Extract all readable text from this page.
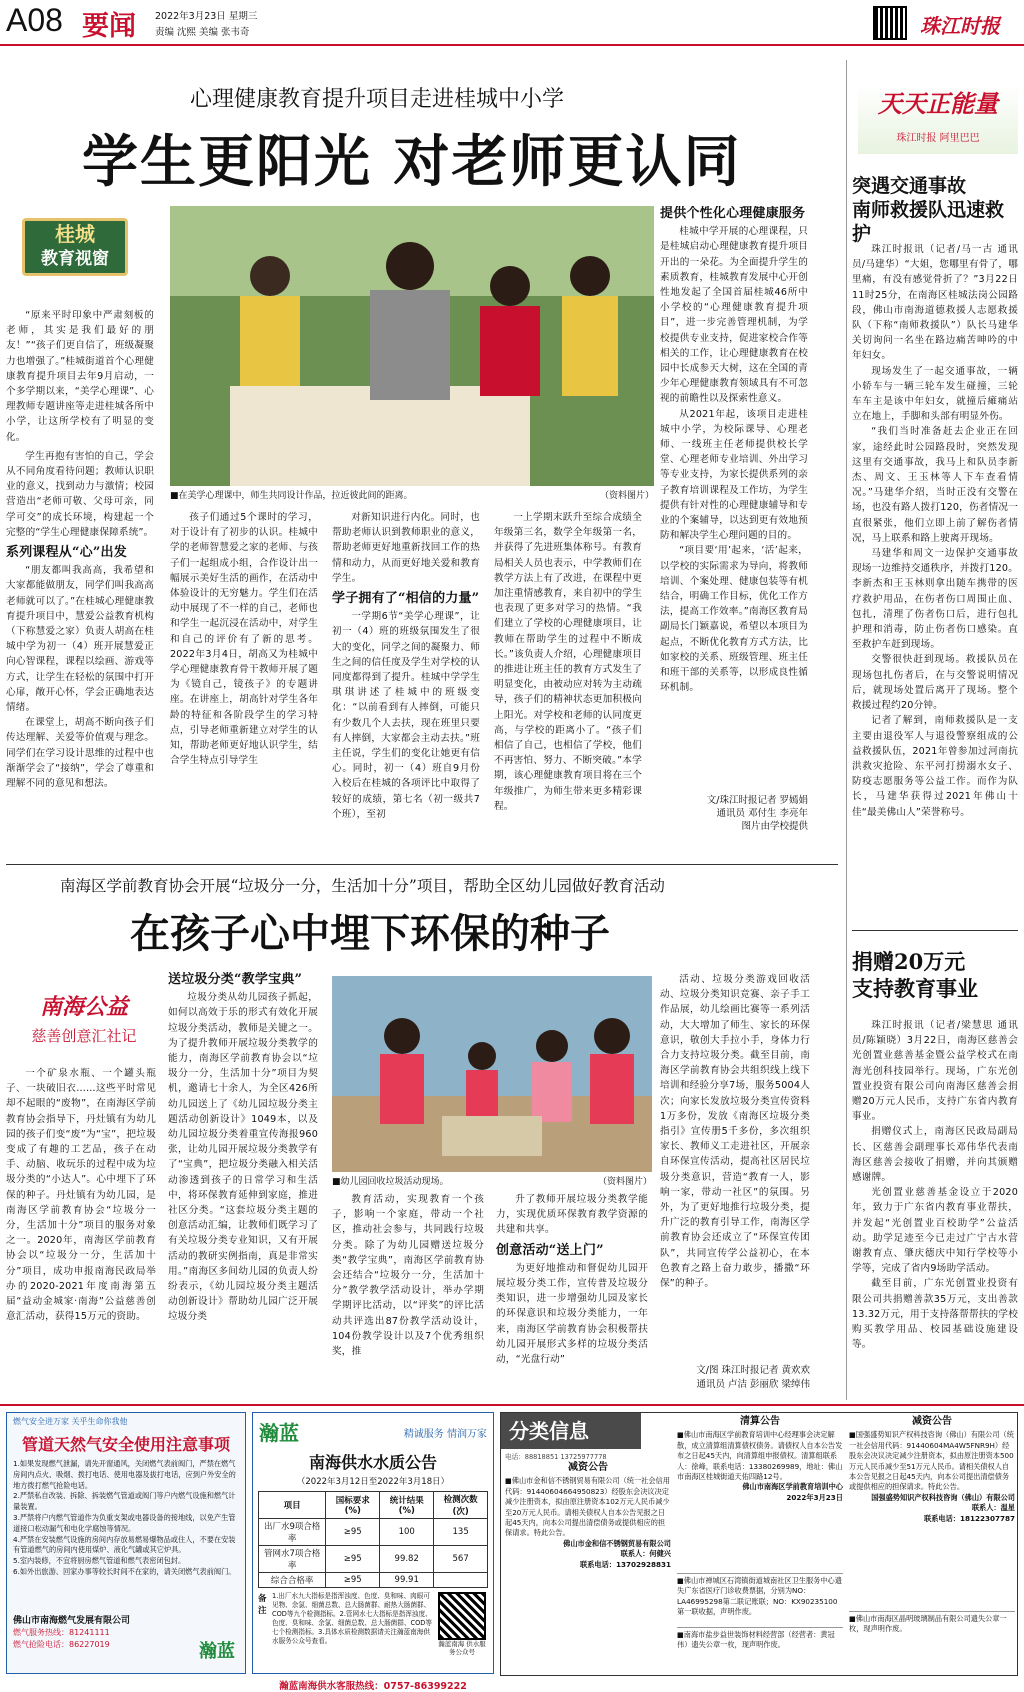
A08 要闻 2022年3月23日 星期三
责编 沈熙 美编 张韦奇	珠江时报
心理健康教育提升项目走进桂城中小学
学生更阳光 对老师更认同
桂城
教育视窗

“原来平时印象中严肃刻板的老师，其实是我们最好的朋友！”“孩子们更自信了，班级凝聚力也增强了。”桂城街道首个心理健康教育提升项目去年9月启动，一个多学期以来，“美学心理课”、心理教师专题讲座等走进桂城各所中小学，让这所学校有了明显的变化。

学生再抱有害怕的自己，学会从不同角度看待问题；教师认识职业的意义，找到动力与激情；校园营造出“老师可敬、父母可亲，同学可交”的成长环境，构建起一个完整的“学生心理健康保障系统”。

系列课程从“心”出发

“朋友都叫我高高，我希望和大家都能做朋友，同学们叫我高高老师就可以了。”在桂城心理健康教育提升项目中，慧爱公益教育机构（下称慧爱之家）负责人胡高在桂城中学为初一（4）班开展慧爱正向心智课程，课程以绘画、游戏等方式，让学生在轻松的氛围中打开心扉，敞开心怀，学会正确地表达情绪。

在课堂上，胡高不断向孩子们传达理解、关爱等价值观与理念。同学们在学习设计思维的过程中也渐渐学会了“接纳”，学会了尊重和理解不同的意见和想法。

■在美学心理课中，师生共同设计作品，拉近彼此间的距离。	（资料图片）

孩子们通过5个课时的学习，对于设计有了初步的认识。桂城中学的老师智慧爱之家的老师、与孩子们一起组成小组，合作设计出一幅展示美好生活的画作，在活动中体验设计的无穷魅力。学生们在活动中展现了不一样的自己，老师也和学生一起沉浸在活动中，对学生和自己的评价有了新的思考。2022年3月4日，胡高又为桂城中学心理健康教育骨干教师开展了题为《镜自己，镜孩子》的专题讲座。在讲座上，胡高针对学生各年龄的特征和各阶段学生的学习特点，引导老师重新建立对学生的认知，帮助老师更好地认识学生，结合学生特点引导学生

对新知识进行内化。同时，也帮助老师认识到教师职业的意义，帮助老师更好地重新找回工作的热情和动力，从而更好地关爱和教育学生。

学子拥有了“相信的力量”

一学期6节“美学心理课”，让初一（4）班的班级氛围发生了很大的变化，同学之间的凝聚力、师生之间的信任度及学生对学校的认同度都得到了提升。桂城中学学生琪琪讲述了桂城中的班级变化：“以前看到有人摔倒，可能只有少数几个人去扶，现在班里只要有人摔倒，大家都会主动去扶。”班主任说，学生们的变化让她更有信心。同时，初一（4）班自9月份入校后在桂城的各项评比中取得了较好的成绩，第七名（初一级共7个班），至初

一上学期末跃升至综合成绩全年级第三名，数学全年级第一名，并获得了先进班集体称号。有教育局相关人员也表示，中学教师们在教学方法上有了改进，在课程中更加注重情感教育，来自初中的学生也表现了更多对学习的热情。“我们建立了学校的心理健康项目，让教师在帮助学生的过程中不断成长。”该负责人介绍，心理健康项目的推进让班主任的教育方式发生了明显变化，由被动应对转为主动疏导，孩子们的精神状态更加积极向上阳光。对学校和老师的认同度更高，与学校的距离小了。“孩子们相信了自己，也相信了学校，他们不再害怕、努力、不断突破。”本学期，该心理健康教育项目将在三个年级推广，为师生带来更多精彩课程。

提供个性化心理健康服务

桂城中学开展的心理课程，只是桂城启动心理健康教育提升项目开出的一朵花。为全面提升学生的素质教育，桂城教育发展中心开创性地发起了全国首届桂城46所中小学校的“心理健康教育提升项目”，进一步完善管理机制，为学校提供专业支持，促进家校合作等相关的工作，让心理健康教育在校园中长成参天大树，这在全国的青少年心理健康教育领域具有不可忽视的前瞻性以及探索性意义。

从2021年起，该项目走进桂城中小学，为校际课导、心理老师、一线班主任老师提供校长学堂、心理老师专业培训、外出学习等专业支持，为家长提供系列的亲子教育培训课程及工作坊，为学生提供有针对性的心理健康辅导和专业的个案辅导，以达到更有效地预防和解决学生心理问题的目的。

“项目要‘用’起来，‘活’起来，以学校的实际需求为导向，将教师培训、个案处理、健康包装等有机结合，明确工作目标，优化工作方法，提高工作效率。”南海区教育局副局长门颖嘉说，希望以本项目为起点，不断优化教育方式方法，比如家校的关系、班级管理、班主任和班干部的关系等，以形成良性循环机制。

文/珠江时报记者 罗嫣娟
通讯员 邓付生 李亮年
图片由学校提供
天天正能量
珠江时报 阿里巴巴
突遇交通事故
南师救援队迅速救护

珠江时报讯（记者/马一古 通讯员/马建华）“大姐，您哪里有骨了，哪里痛，有没有感觉骨折了？”3月22日11时25分，在南海区桂城法岗公园路段，佛山市南海道德救援人志愿救援队（下称“南师救援队”）队长马建华关切询问一名坐在路边痛苦呻吟的中年妇女。

现场发生了一起交通事故，一辆小轿车与一辆三轮车发生碰撞，三轮车车主是该中年妇女，就撞后瘫痛站立在地上，手脚和头部有明显外伤。

“我们当时准备赶去企业正在回家，途经此时公园路段时，突然发现这里有交通事故，我马上和队员李新杰、周文、王玉林等人下车查看情况。”马建华介绍，当时正没有交警在场，也没有路人拨打120，伤者情况一直很紧张，他们立即上前了解伤者情况，马上联系和路上驶离开现场。

马建华和周文一边保护交通事故现场一边维持交通秩序，并拨打120。李新杰和王玉林则拿出随车携带的医疗救护用品，在伤者伤口周围止血、包扎，清理了伤者伤口后，进行包扎护理和消毒，防止伤者伤口感染。直至救护车赶到现场。

交警很快赶到现场。救援队员在现场包扎伤者后，在与交警说明情况后，就现场处置后离开了现场。整个救援过程约20分钟。

记者了解到，南师救援队是一支主要由退役军人与退役警察组成的公益救援队伍，2021年曾参加过河南抗洪救灾抢险、东平河打捞溺水女子、防疫志愿服务等公益工作。而作为队长，马建华获得过2021年佛山十佳“最美佛山人”荣誉称号。

捐赠20万元
支持教育事业

珠江时报讯（记者/梁慧思 通讯员/陈颖晓）3月22日，南海区慈善会光创置业慈善基金暨公益学校式在南海光创科技园举行。现场，广东光创置业投资有限公司向南海区慈善会捐赠20万元人民币，支持广东省内教育事业。

捐赠仪式上，南海区民政局副局长、区慈善会副理事长邓伟华代表南海区慈善会接收了捐赠，并向其颁赠感谢牌。

光创置业慈善基金设立于2020年，致力于广东省内教育事业帮扶，并发起“光创置业百校助学”公益活动。助学足迹至今已走过广宁古水营谢教育点、肇庆德庆中知行学校等小学等，完成了省内9场助学活动。

截至目前，广东光创置业投资有限公司共捐赠善款35万元，支出善款13.32万元，用于支持落帮帮扶的学校购买教学用品、校园基础设施建设等。

南海区学前教育协会开展“垃圾分一分，生活加十分”项目，帮助全区幼儿园做好教育活动
在孩子心中埋下环保的种子
南海公益
慈善创意汇社记

一个矿泉水瓶、一个罐头瓶子、一块破旧衣……这些平时常见却不起眼的“废物”，在南海区学前教育协会指导下，丹灶镇有为幼儿园的孩子们变“废”为“宝”，把垃圾变成了有趣的工艺品，孩子在动手、动脑、收玩乐的过程中成为垃圾分类的“小达人”。心中埋下了环保的种子。丹灶镇有为幼儿园，是南海区学前教育协会“垃圾分一分，生活加十分”项目的服务对象之一。2020年，南海区学前教育协会以“垃圾分一分，生活加十分”项目，成功申报南海民政局举办的2020-2021年度南海第五届“益动金城家·南海”公益慈善创意汇活动，获得15万元的资助。

送垃圾分类“教学宝典”

垃圾分类从幼儿园孩子抓起，如何以高效于乐的形式有效化开展垃圾分类活动，教师是关键之一。为了提升教师开展垃圾分类教学的能力，南海区学前教育协会以“垃圾分一分，生活加十分”项目为契机，邀请七十余人，为全区426所幼儿园送上了《幼儿园垃圾分类主题活动创新设计》1049本，以及幼儿园垃圾分类着重宣传海报960张，让幼儿园开展垃圾分类教学有了“宝典”，把垃圾分类融入相关活动渗透到孩子的日常学习和生活中，将环保教育延伸到家庭，推进社区分类。“这套垃圾分类主题的创意活动汇编，让教师们既学习了有关垃圾分类专业知识，又有开展活动的教研实例指南，真是非常实用。”南海区多间幼儿园的负责人纷纷表示，《幼儿园垃圾分类主题活动创新设计》帮助幼儿园广泛开展垃圾分类

■幼儿园回收垃圾活动现场。	（资料图片）

教育活动，实现教育一个孩子，影响一个家庭，带动一个社区，推动社会参与，共同践行垃圾分类。除了为幼儿园赠送垃圾分类“教学宝典”，南海区学前教育协会还结合“垃圾分一分，生活加十分”教学教学活动设计，举办学期学期评比活动，以“评奖”的评比活动共评选出87份教学活动设计，104份教学设计以及7个优秀组织奖，推

升了教师开展垃圾分类教学能力，实现优质环保教育教学资源的共建和共享。

创意活动“送上门”

为更好地推动和督促幼儿园开展垃圾分类工作，宣传普及垃圾分类知识，进一步增强幼儿园及家长的环保意识和垃圾分类能力，一年来，南海区学前教育协会积极帮扶幼儿园开展形式多样的垃圾分类活动，“光盘行动”

活动、垃圾分类游戏回收活动、垃圾分类知识竞赛、亲子手工作品展，幼儿绘画比赛等一系列活动，大大增加了师生、家长的环保意识，敬创大手拉小手，身体力行合力支持垃圾分类。截至目前，南海区学前教育协会共组织线上线下培训和经验分享7场，服务5004人次；向家长发放垃圾分类宣传资料1万多份，发放《南海区垃圾分类指引》宣传册5千多份，多次组织家长、教师义工走进社区，开展亲自环保宣传活动，提高社区居民垃圾分类意识，营造“教育一人，影响一家，带动一社区”的氛围。另外，为了更好地推行垃圾分类，提升广泛的教育引导工作，南海区学前教育协会还成立了“环保宣传团队”，共同宣传学公益初心，在本色教育之路上奋力敢步，播撒“环保”的种子。

文/图 珠江时报记者 黄欢欢
通讯员 卢洁 彭丽欣 梁绰伟
燃气安全进万家 关乎生命你我他
管道天然气安全使用注意事项
1.如果发现燃气泄漏，请先开窗通风，关闭燃气表前阀门，严禁在燃气房间内点火、吸烟、拨打电话、使用电器及拔打电话，应到户外安全的地方拨打燃气抢险电话。
2.严禁私自改装、拆除、拆装燃气管道或阀门等户内燃气设施和燃气计量装置。
3.严禁将户内燃气管道作为负重支架或电器设备的接地线，以免产生管道接口松动漏气和电化学腐蚀等情况。
4.严禁在安装燃气设施的房间内存放易燃易爆物品或住人，不要在安装有管道燃气的房间内使用煤炉、液化气罐或其它炉具。
5.室内装修，不宜将厨房燃气管道和燃气表密闭包封。
6.如外出旅游、回家办事等较长时间不在家的，请关闭燃气表前阀门。
佛山市南海燃气发展有限公司
燃气服务热线：81241111
燃气抢险电话：86227019	瀚蓝
瀚蓝	精诚服务 情润万家
南海供水水质公告
（2022年3月12日至2022年3月18日）
项目	国标要求(%)	统计结果(%)	检测次数(次)
出厂水9项合格率	≥95	100	135
管网水7项合格率	≥95	99.82	567
综合合格率	≥95	99.91	
备注
1.出厂水九大指标是指浑浊度、色度、臭和味、肉眼可见物、余氯、细菌总数、总大肠菌群、耐热大肠菌群、COD等九个检测指标。2.管网水七大指标是指浑浊度、色度、臭和味、余氯、细菌总数、总大肠菌群、COD等七个检测指标。3.具体水质检测数据请关注瀚蓝南海供水服务公众号查看。	瀚蓝南海 供水服务公众号
瀚蓝南海供水客服热线：0757-86399222
分类信息
电话：88818851 13725977778
减资公告
■佛山市金和信不锈钢贸易有限公司（统一社会信用代码：91440604664950823）经股东会决议决定减少注册资本，拟由原注册资本102万元人民币减少至20万元人民币。请相关债权人自本公告见报之日起45天内，向本公司提出清偿债务或提供相应的担保请求。特此公告。
佛山市金和信不锈钢贸易有限公司
联系人：何健兴
联系电话：13702928831
清算公告
■佛山市南海区学前教育培训中心经理事会决定解散，成立清算组清算债权债务。请债权人自本公告发布之日起45天内，向清算组申报债权。清算组联系人：徐峰，联系电话：13380269989，地址：佛山市南海区桂城街道天佑四路12号。
佛山市南海区学前教育培训中心
2022年3月23日
减资公告
■国强盛势知识产权科技咨询（佛山）有限公司（统一社会信用代码：91440604MA4W5FNR9H）经股东会决议决定减少注册资本，拟由原注册资本500万元人民币减少至51万元人民币。请相关债权人自本公告见报之日起45天内，向本公司提出清偿债务或提供相应的担保请求。特此公告。
国强盛势知识产权科技咨询（佛山）有限公司
联系人：温星
联系电话：18122307787
■佛山市禅城区石湾镇街道城南社区卫生服务中心遗失广东省医疗门诊收费票据，分别为NO：LA46995298第二联记账联；NO：KX90235100第一联收据，声明作废。
■南海市盐步益世装饰材料经营部（经营者：黄冠伟）遗失公章一枚，现声明作废。
■佛山市南海区晶明玻璃制品有限公司遗失公章一枚，现声明作废。
